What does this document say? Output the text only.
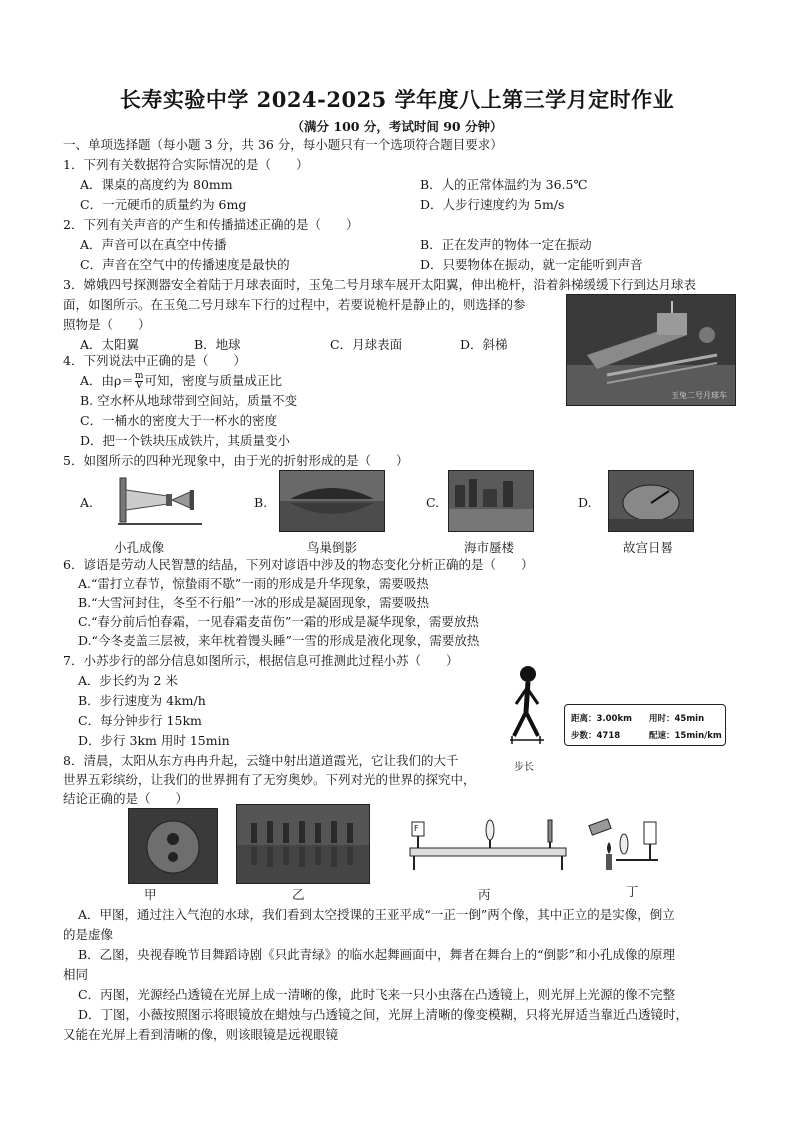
长寿实验中学 2024-2025 学年度八上第三学月定时作业
（满分 100 分，考试时间 90 分钟）
一、单项选择题（每小题 3 分，共 36 分，每小题只有一个选项符合题目要求）
1．下列有关数据符合实际情况的是（　　）
A．课桌的高度约为 80mm	B．人的正常体温约为 36.5℃
C．一元硬币的质量约为 6mg	D．人步行速度约为 5m/s
2．下列有关声音的产生和传播描述正确的是（　　）
A．声音可以在真空中传播	B．正在发声的物体一定在振动
C．声音在空气中的传播速度是最快的	D．只要物体在振动，就一定能听到声音
3．嫦娥四号探测器安全着陆于月球表面时，玉兔二号月球车展开太阳翼，伸出桅杆，沿着斜梯缓缓下行到达月球表
面，如图所示。在玉兔二号月球车下行的过程中，若要说桅杆是静止的，则选择的参
照物是（　　）
A．太阳翼	B．地球	C．月球表面	D．斜梯
玉兔二号月球车
4．下列说法中正确的是（　　）
A．由$\rho= \frac{m}{V}$ 可知，密度与质量成正比
B. 空水杯从地球带到空间站，质量不变
C．一桶水的密度大于一杯水的密度
D．把一个铁块压成铁片，其质量变小
5．如图所示的四种光现象中，由于光的折射形成的是（　　）
A.
小孔成像
B.
鸟巢倒影
C.
海市蜃楼
D.
故宫日晷
6．谚语是劳动人民智慧的结晶，下列对谚语中涉及的物态变化分析正确的是（　　）
A.“雷打立春节，惊蛰雨不歇”一雨的形成是升华现象，需要吸热
B.“大雪河封住，冬至不行船”一冰的形成是凝固现象，需要吸热
C.“春分前后怕春霜，一见春霜麦苗伤”一霜的形成是凝华现象，需要放热
D.“今冬麦盖三层被，来年枕着馒头睡”一雪的形成是液化现象，需要放热
7．小苏步行的部分信息如图所示，根据信息可推测此过程小苏（　　）
A．步长约为 2 米
B．步行速度为 4km/h
C．每分钟步行 15km
D．步行 3km 用时 15min
步长
距离：3.00km 用时：45min
步数：4718	配速：15min/km
8．清晨，太阳从东方冉冉升起，云缝中射出道道霞光，它让我们的大千
世界五彩缤纷，让我们的世界拥有了无穷奥妙。下列对光的世界的探究中，
结论正确的是（　　）
甲	乙
F
丙	丁
A．甲图，通过注入气泡的水球，我们看到太空授课的王亚平成“一正一倒”两个像，其中正立的是实像，倒立
的是虚像
B．乙图，央视春晚节目舞蹈诗剧《只此青绿》的临水起舞画面中，舞者在舞台上的“倒影”和小孔成像的原理
相同
C．丙图，光源经凸透镜在光屏上成一清晰的像，此时飞来一只小虫落在凸透镜上，则光屏上光源的像不完整
D．丁图，小薇按照图示将眼镜放在蜡烛与凸透镜之间，光屏上清晰的像变模糊，只将光屏适当靠近凸透镜时，
又能在光屏上看到清晰的像，则该眼镜是远视眼镜
